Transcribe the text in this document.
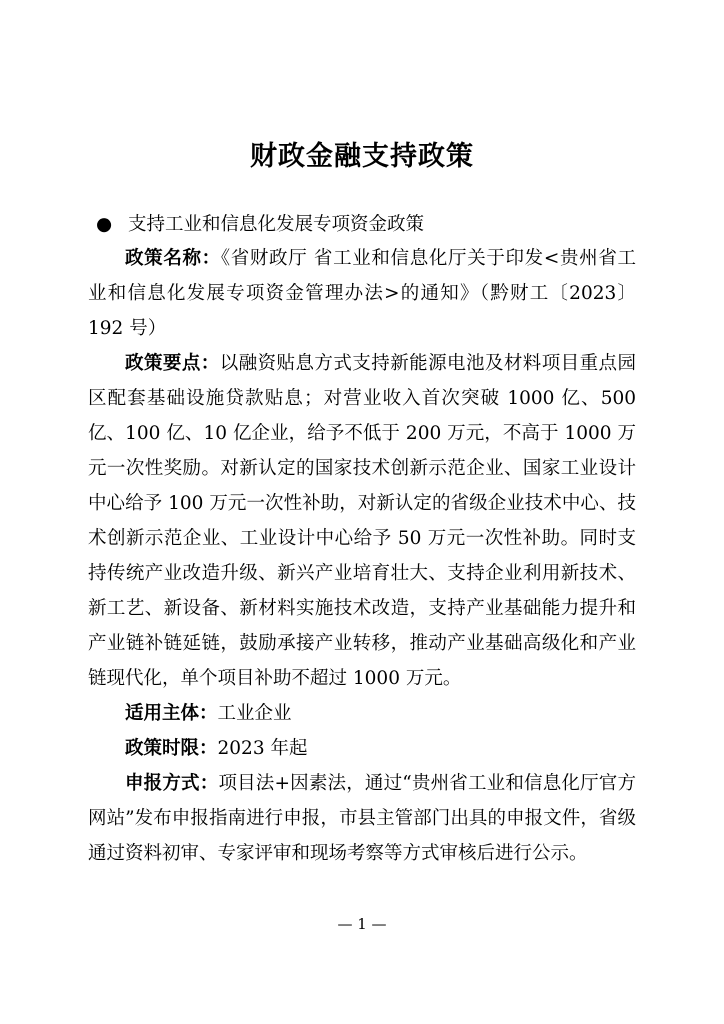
财政金融支持政策
● 支持工业和信息化发展专项资金政策

政策名称：《省财政厅 省工业和信息化厅关于印发<贵州省工业和信息化发展专项资金管理办法>的通知》（黔财工〔2023〕192 号）

政策要点：以融资贴息方式支持新能源电池及材料项目重点园区配套基础设施贷款贴息；对营业收入首次突破 1000 亿、500 亿、100 亿、10 亿企业，给予不低于 200 万元，不高于 1000 万元一次性奖励。对新认定的国家技术创新示范企业、国家工业设计中心给予 100 万元一次性补助，对新认定的省级企业技术中心、技术创新示范企业、工业设计中心给予 50 万元一次性补助。同时支持传统产业改造升级、新兴产业培育壮大、支持企业利用新技术、新工艺、新设备、新材料实施技术改造，支持产业基础能力提升和产业链补链延链，鼓励承接产业转移，推动产业基础高级化和产业链现代化，单个项目补助不超过 1000 万元。

适用主体：工业企业

政策时限：2023 年起

申报方式：项目法+因素法，通过“贵州省工业和信息化厅官方网站”发布申报指南进行申报，市县主管部门出具的申报文件，省级通过资料初审、专家评审和现场考察等方式审核后进行公示。

— 1 —
